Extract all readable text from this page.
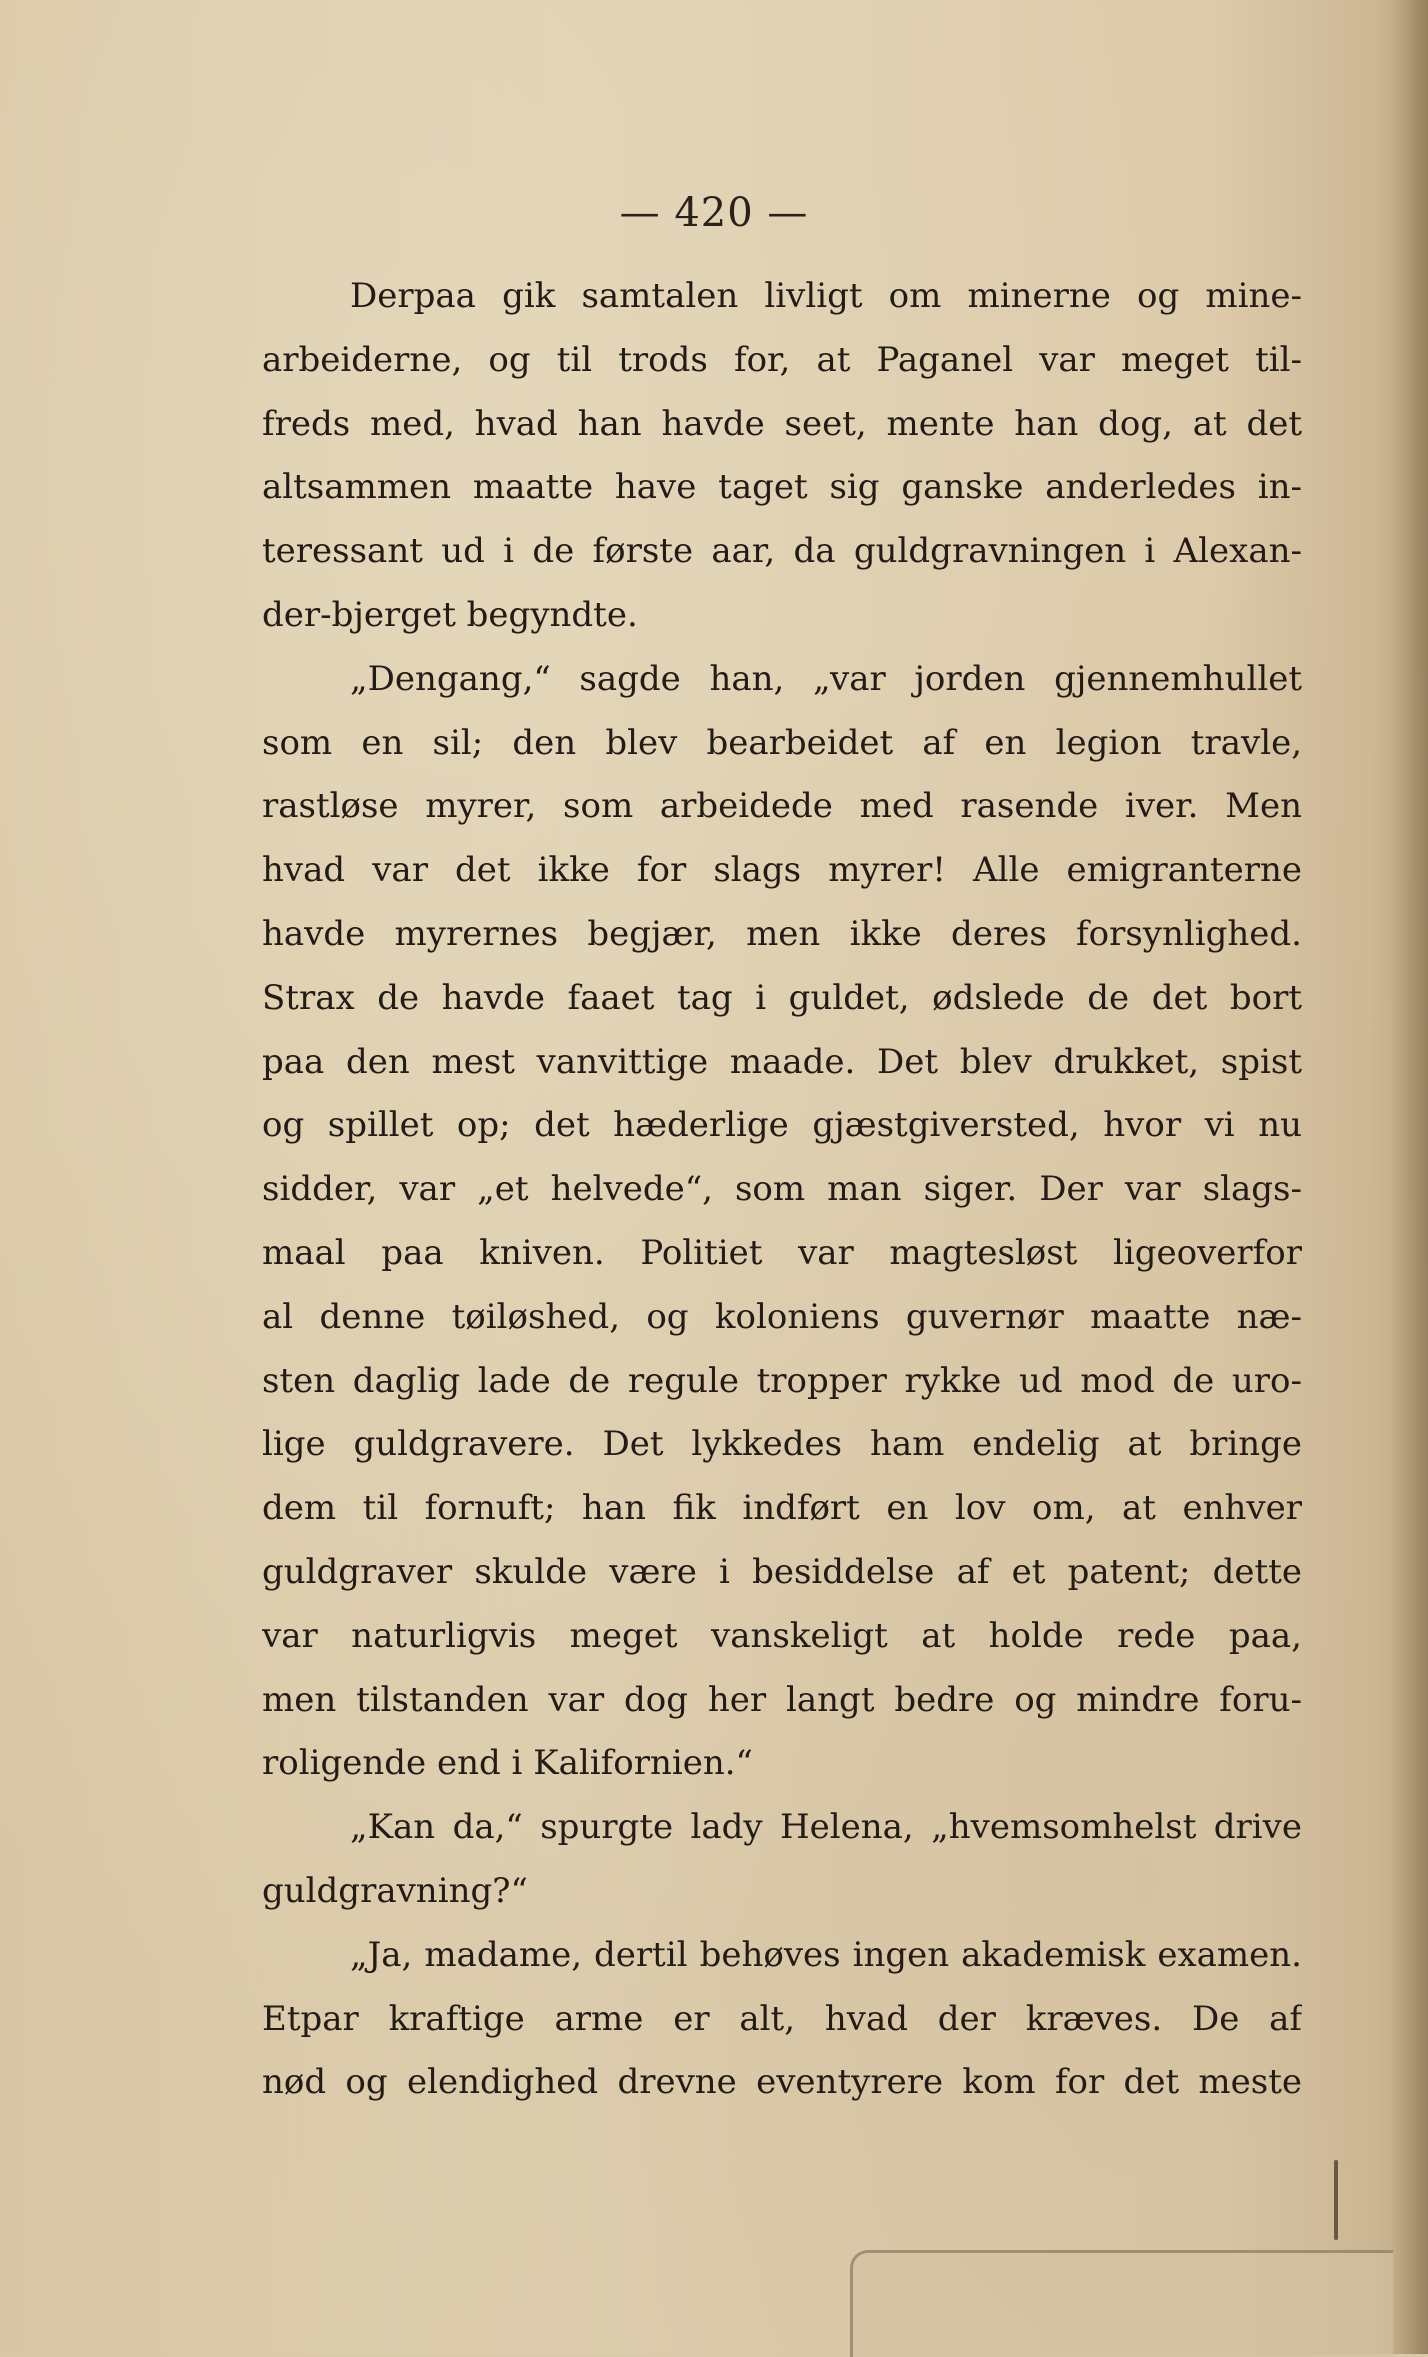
— 420 —
Derpaa gik samtalen livligt om minerne og mine-
arbeiderne, og til trods for, at Paganel var meget til-
freds med, hvad han havde seet, mente han dog, at det
altsammen maatte have taget sig ganske anderledes in-
teressant ud i de første aar, da guldgravningen i Alexan-
der-bjerget begyndte.
„Dengang,“ sagde han, „var jorden gjennemhullet
som en sil; den blev bearbeidet af en legion travle,
rastløse myrer, som arbeidede med rasende iver. Men
hvad var det ikke for slags myrer! Alle emigranterne
havde myrernes begjær, men ikke deres forsynlighed.
Strax de havde faaet tag i guldet, ødslede de det bort
paa den mest vanvittige maade. Det blev drukket, spist
og spillet op; det hæderlige gjæstgiversted, hvor vi nu
sidder, var „et helvede“, som man siger. Der var slags-
maal paa kniven. Politiet var magtesløst ligeoverfor
al denne tøiløshed, og koloniens guvernør maatte næ-
sten daglig lade de regule tropper rykke ud mod de uro-
lige guldgravere. Det lykkedes ham endelig at bringe
dem til fornuft; han fik indført en lov om, at enhver
guldgraver skulde være i besiddelse af et patent; dette
var naturligvis meget vanskeligt at holde rede paa,
men tilstanden var dog her langt bedre og mindre foru-
roligende end i Kalifornien.“
„Kan da,“ spurgte lady Helena, „hvemsomhelst drive
guldgravning?“
„Ja, madame, dertil behøves ingen akademisk examen.
Etpar kraftige arme er alt, hvad der kræves. De af
nød og elendighed drevne eventyrere kom for det meste
